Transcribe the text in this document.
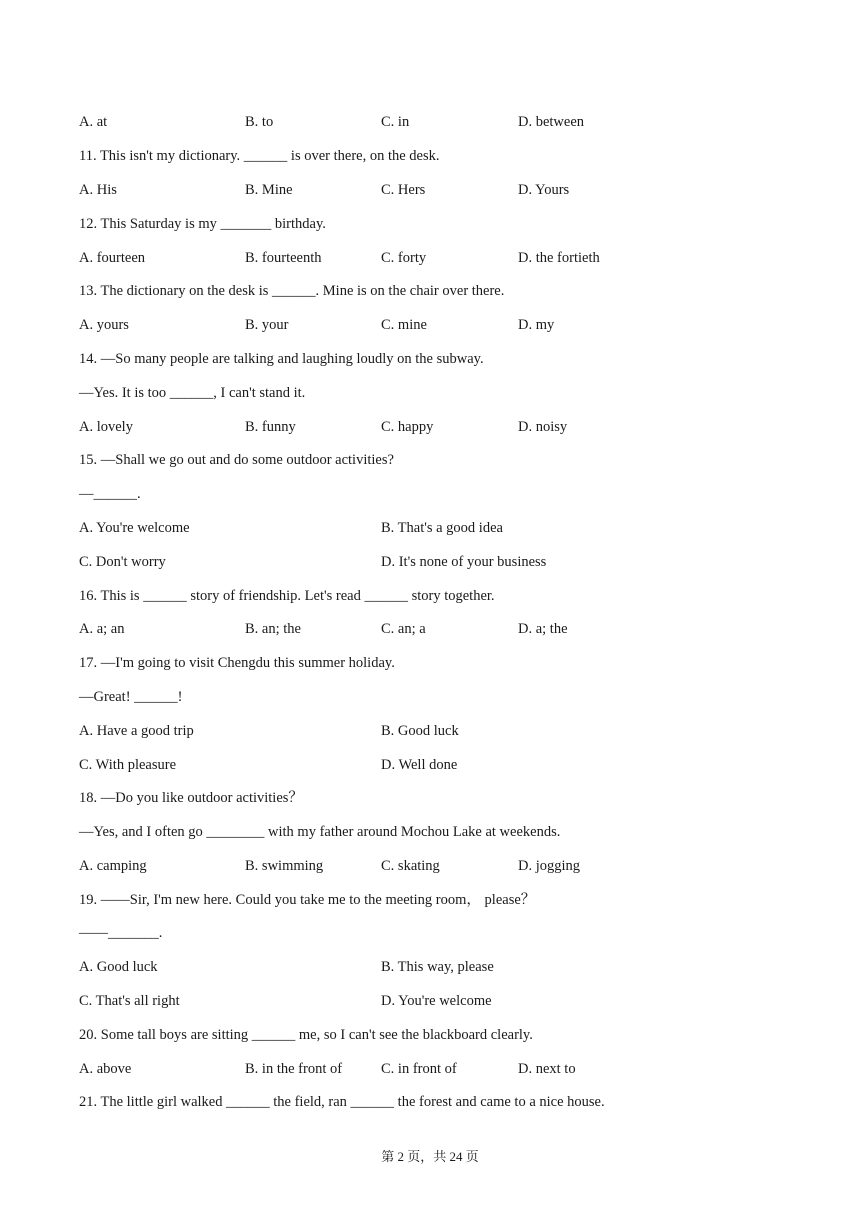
A. at	B. to	C. in	D. between
11. This isn't my dictionary. ______ is over there, on the desk.
A. His	B. Mine	C. Hers	D. Yours
12. This Saturday is my _______ birthday.
A. fourteen	B. fourteenth	C. forty	D. the fortieth
13. The dictionary on the desk is ______. Mine is on the chair over there.
A. yours	B. your	C. mine	D. my
14. —So many people are talking and laughing loudly on the subway.
—Yes. It is too ______, I can't stand it.
A. lovely	B. funny	C. happy	D. noisy
15. —Shall we go out and do some outdoor activities?
—______.
A. You're welcome	B. That's a good idea
C. Don't worry	D. It's none of your business
16. This is ______ story of friendship. Let's read ______ story together.
A. a; an	B. an; the	C. an; a	D. a; the
17. —I'm going to visit Chengdu this summer holiday.
—Great! ______!
A. Have a good trip	B. Good luck
C. With pleasure	D. Well done
18. —Do you like outdoor activities？
—Yes, and I often go ________ with my father around Mochou Lake at weekends.
A. camping	B. swimming	C. skating	D. jogging
19. ——Sir, I'm new here. Could you take me to the meeting room， please？
——_______.
A. Good luck	B. This way, please
C. That's all right	D. You're welcome
20. Some tall boys are sitting ______ me, so I can't see the blackboard clearly.
A. above	B. in the front of	C. in front of	D. next to
21. The little girl walked ______ the field, ran ______ the forest and came to a nice house.
第 2 页，共 24 页
